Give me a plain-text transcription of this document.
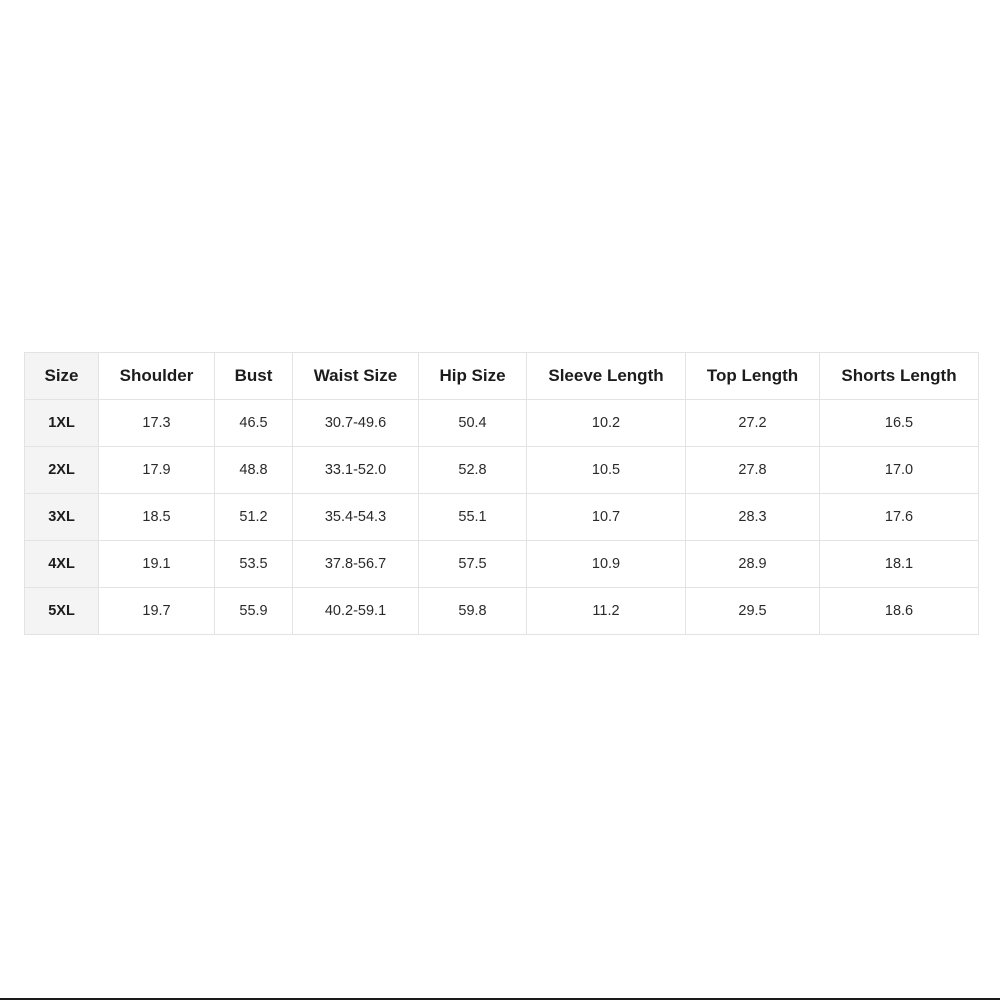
Size	Shoulder	Bust	Waist Size	Hip Size	Sleeve Length	Top Length	Shorts Length
1XL	17.3	46.5	30.7-49.6	50.4	10.2	27.2	16.5
2XL	17.9	48.8	33.1-52.0	52.8	10.5	27.8	17.0
3XL	18.5	51.2	35.4-54.3	55.1	10.7	28.3	17.6
4XL	19.1	53.5	37.8-56.7	57.5	10.9	28.9	18.1
5XL	19.7	55.9	40.2-59.1	59.8	11.2	29.5	18.6
